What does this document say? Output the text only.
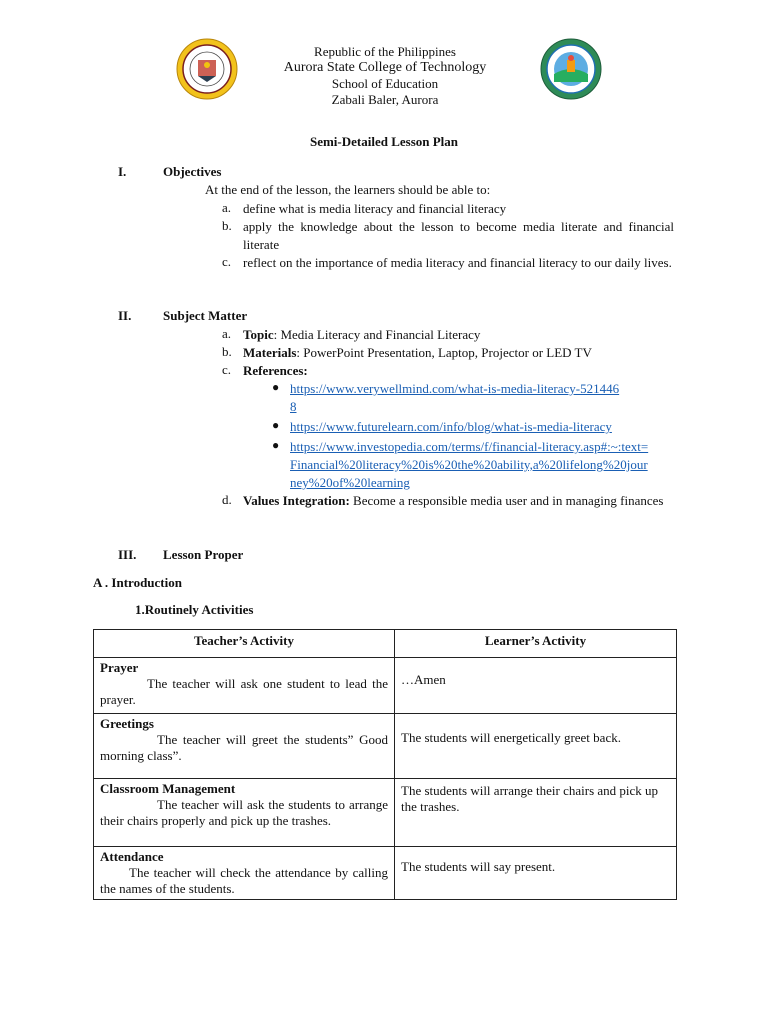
Republic of the Philippines
Aurora State College of Technology
School of Education
Zabali Baler, Aurora
Semi-Detailed Lesson Plan
I.	Objectives
At the end of the lesson, the learners should be able to:
a. define what is media literacy and financial literacy
b. apply the knowledge about the lesson to become media literate and financial literate
c. reflect on the importance of media literacy and financial literacy to our daily lives.
II. Subject Matter
a. Topic: Media Literacy and Financial Literacy
b. Materials: PowerPoint Presentation, Laptop, Projector or LED TV
c. References:
● https://www.verywellmind.com/what-is-media-literacy-5214468
● https://www.futurelearn.com/info/blog/what-is-media-literacy
● https://www.investopedia.com/terms/f/financial-literacy.asp#:~:text=Financial%20literacy%20is%20the%20ability,a%20lifelong%20journey%20of%20learning
d. Values Integration: Become a responsible media user and in managing finances
III. Lesson Proper
A . Introduction
1.Routinely Activities
Teacher’s Activity	Learner’s Activity

Prayer
The teacher will ask one student to lead the prayer.	…Amen

Greetings
The teacher will greet the students” Good morning class”.	The students will energetically greet back.

Classroom Management
The teacher will ask the students to arrange their chairs properly and pick up the trashes.	The students will arrange their chairs and pick up the trashes.

Attendance
The teacher will check the attendance by calling the names of the students.	The students will say present.
